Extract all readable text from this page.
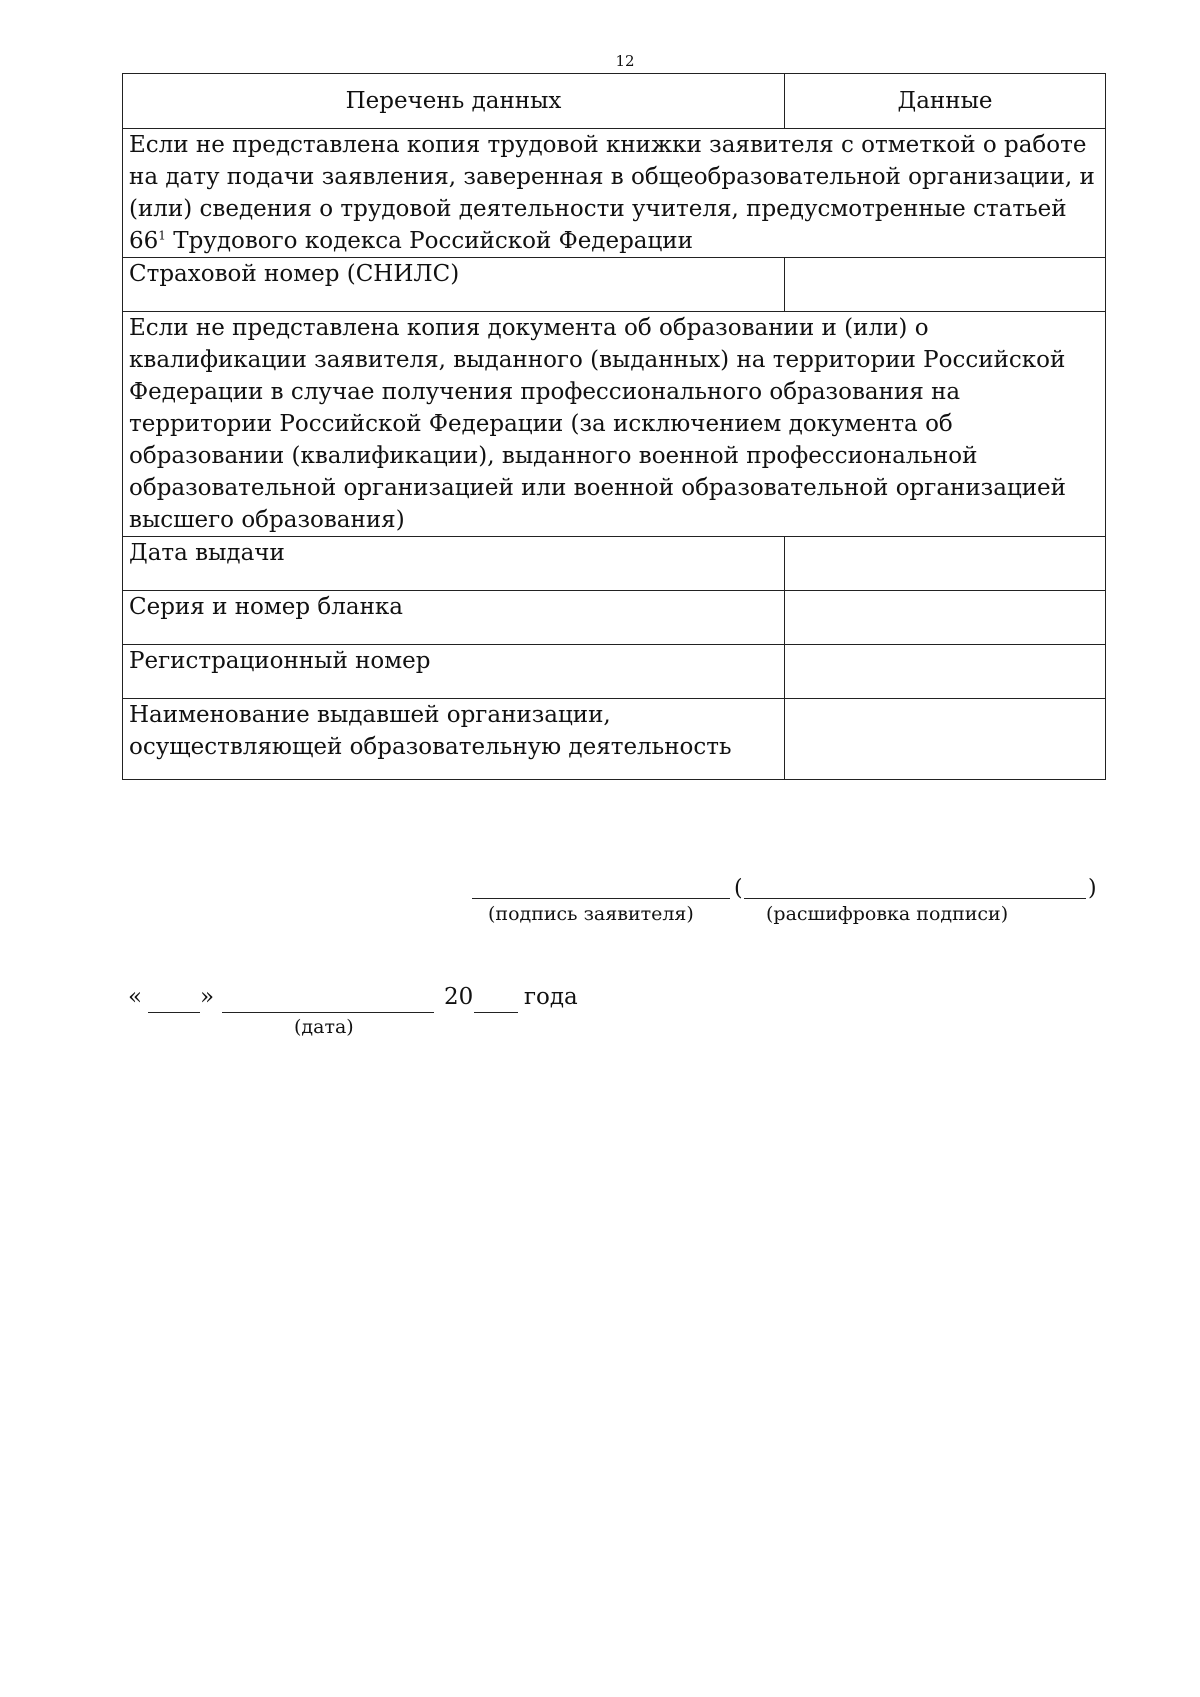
12
Перечень данных	Данные
Если не представлена копия трудовой книжки заявителя с отметкой о работе на дату подачи заявления, заверенная в общеобразовательной организации, и (или) сведения о трудовой деятельности учителя, предусмотренные статьей $66^1$ Трудового кодекса Российской Федерации	
Страховой номер (СНИЛС)	
Если не представлена копия документа об образовании и (или) о квалификации заявителя, выданного (выданных) на территории Российской Федерации в случае получения профессионального образования на территории Российской Федерации (за исключением документа об образовании (квалификации), выданного военной профессиональной образовательной организацией или военной образовательной организацией высшего образования)	
Дата выдачи	
Серия и номер бланка	
Регистрационный номер	
Наименование выдавшей организации, осуществляющей образовательную деятельность	
(	)
(подпись заявителя)	(расшифровка подписи)
«	»	20 года
(дата)
